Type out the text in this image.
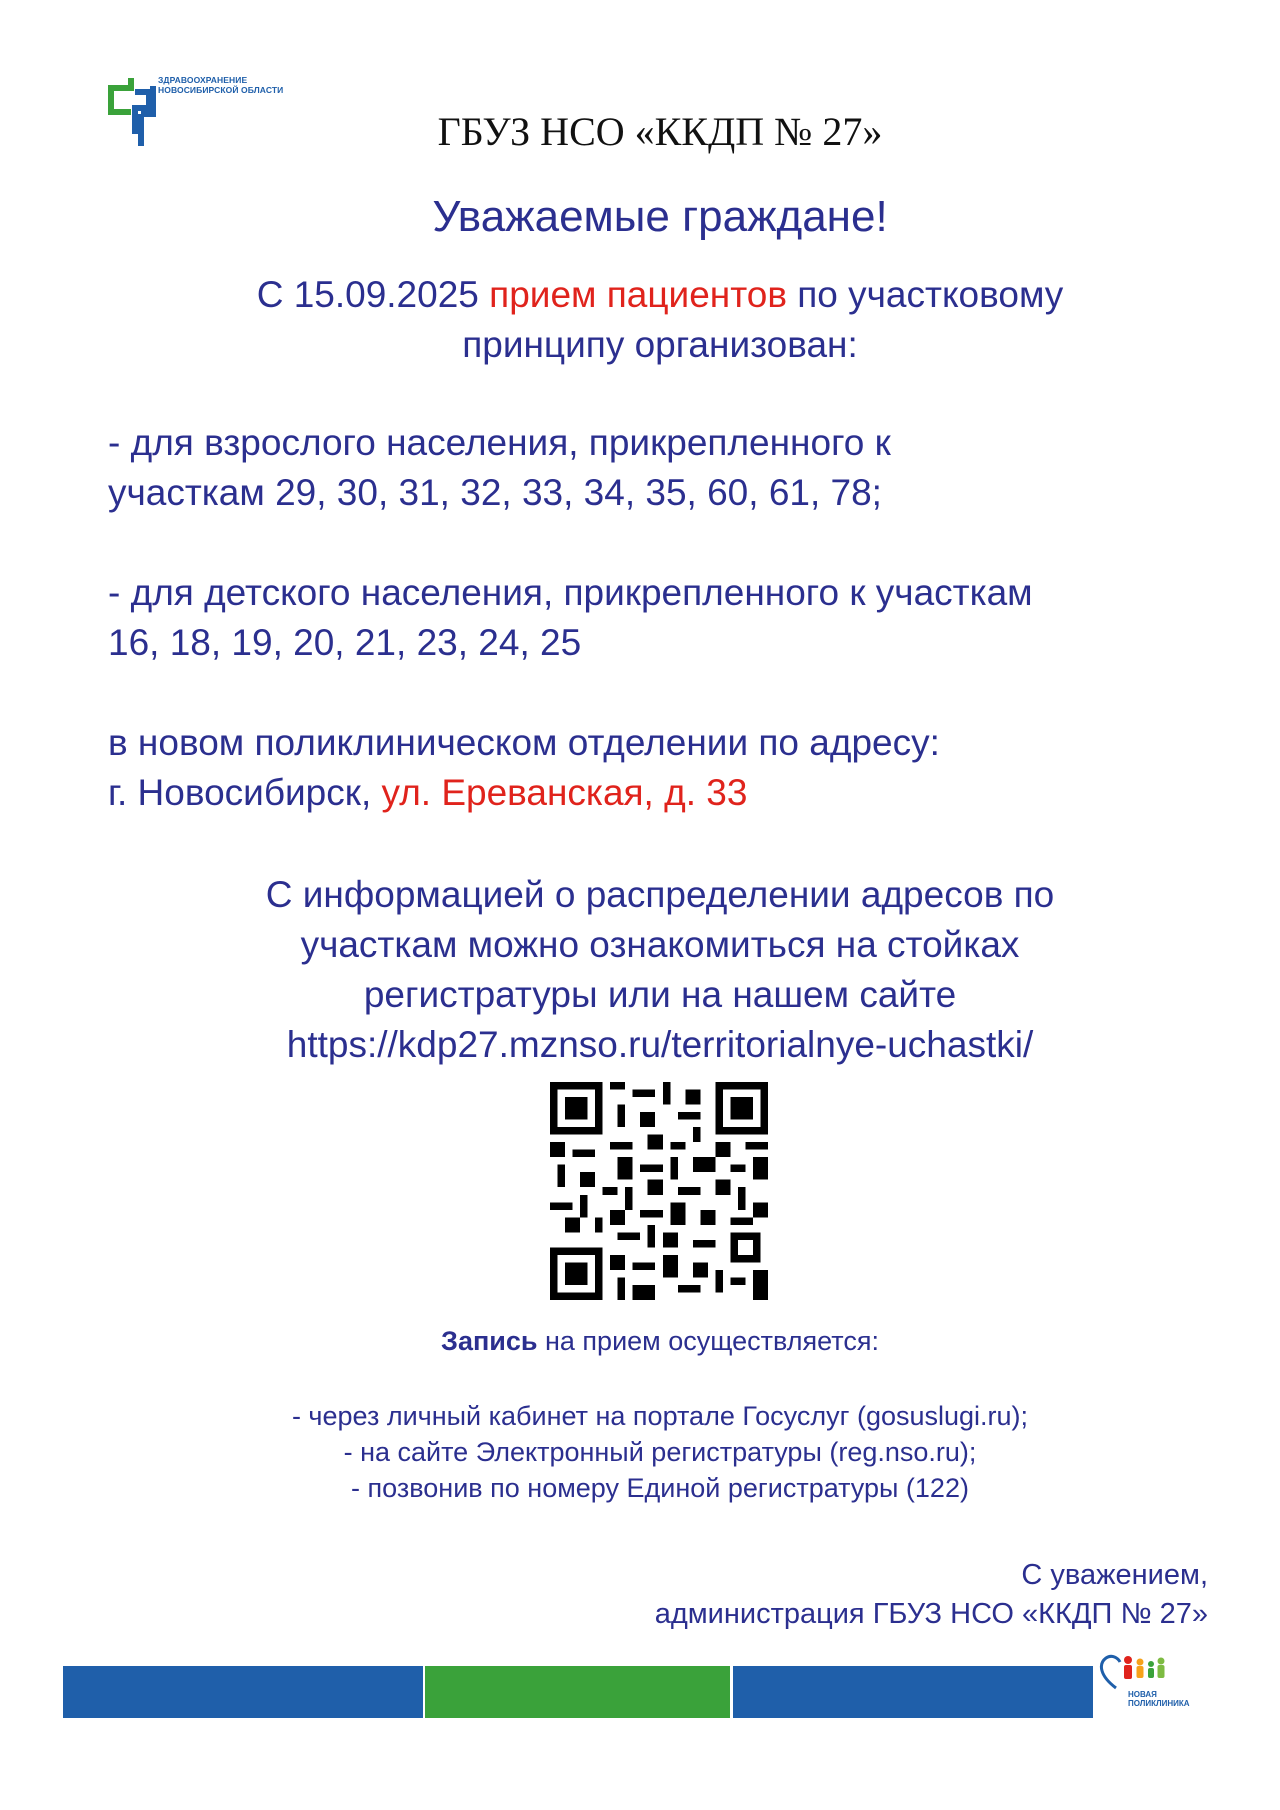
ЗДРАВООХРАНЕНИЕ
НОВОСИБИРСКОЙ ОБЛАСТИ
ГБУЗ НСО «ККДП № 27»
Уважаемые граждане!
С 15.09.2025 прием пациентов по участковому
принципу организован:
- для взрослого населения, прикрепленного к
участкам 29, 30, 31, 32, 33, 34, 35, 60, 61, 78;
- для детского населения, прикрепленного к участкам
16, 18, 19, 20, 21, 23, 24, 25
в новом поликлиническом отделении по адресу:
г. Новосибирск, ул. Ереванская, д. 33
С информацией о распределении адресов по
участкам можно ознакомиться на стойках
регистратуры или на нашем сайте
https://kdp27.mznso.ru/territorialnye-uchastki/
Запись на прием осуществляется:
- через личный кабинет на портале Госуслуг (gosuslugi.ru);
- на сайте Электронный регистратуры (reg.nso.ru);
- позвонив по номеру Единой регистратуры (122)
С уважением,
администрация ГБУЗ НСО «ККДП № 27»
НОВАЯ
ПОЛИКЛИНИКА
